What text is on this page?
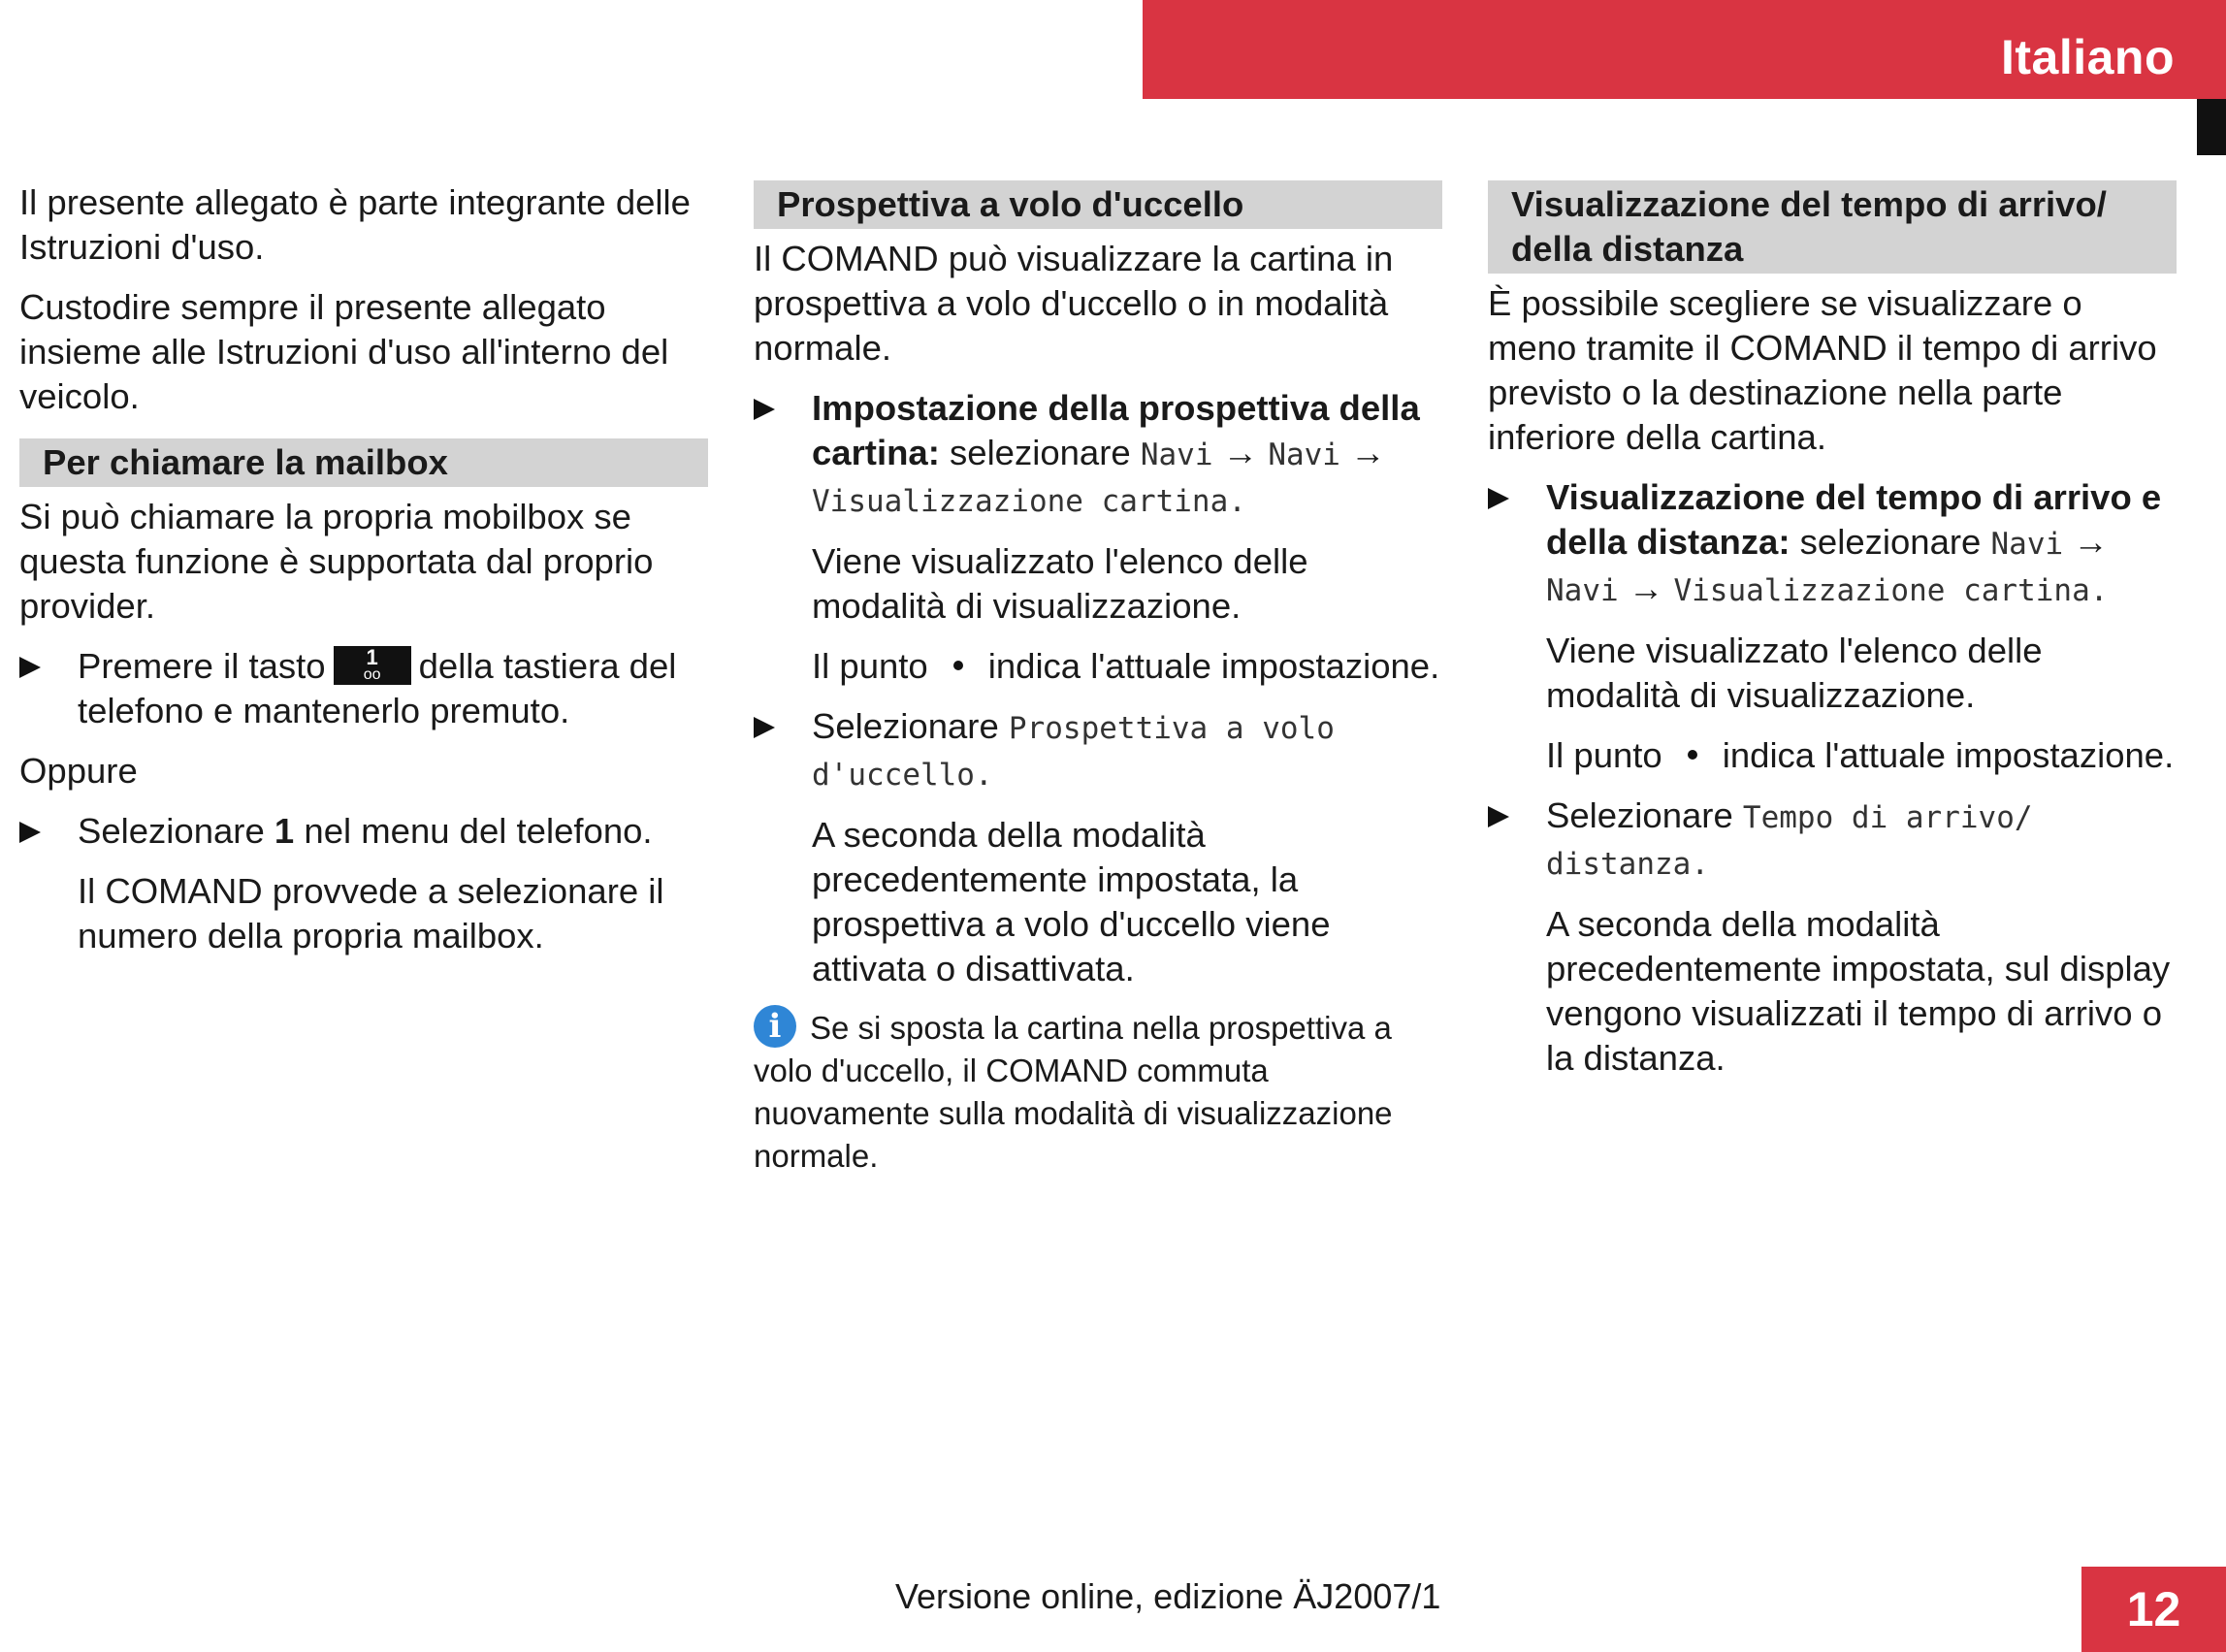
Italiano

Il presente allegato è parte integrante delle Istruzioni d'uso.

Custodire sempre il presente allegato insieme alle Istruzioni d'uso all'interno del veicolo.

Per chiamare la mailbox

Si può chiamare la propria mobilbox se questa funzione è supportata dal proprio provider.

Premere il tasto	1
oo	della tastiera del telefono e mantenerlo premuto.

Oppure

Selezionare 1 nel menu del telefono.

Il COMAND provvede a selezionare il numero della propria mailbox.

Prospettiva a volo d'uccello

Il COMAND può visualizzare la cartina in prospettiva a volo d'uccello o in modalità normale.

Impostazione della prospettiva della cartina: selezionare Navi → Navi → Visualizzazione cartina.

Viene visualizzato l'elenco delle modalità di visualizzazione.

Il punto indica l'attuale impostazione.

Selezionare Prospettiva a volo d'uccello.

A seconda della modalità precedentemente impostata, la prospettiva a volo d'uccello viene attivata o disattivata.

i Se si sposta la cartina nella prospettiva a volo d'uccello, il COMAND commuta nuovamente sulla modalità di visualizzazione normale.
Visualizzazione del tempo di arrivo/ della distanza

È possibile scegliere se visualizzare o meno tramite il COMAND il tempo di arrivo previsto o la destinazione nella parte inferiore della cartina.

Visualizzazione del tempo di arrivo e della distanza: selezionare Navi → Navi → Visualizzazione cartina.

Viene visualizzato l'elenco delle modalità di visualizzazione.

Il punto indica l'attuale impostazione.

Selezionare Tempo di arrivo/ distanza.

A seconda della modalità precedentemente impostata, sul display vengono visualizzati il tempo di arrivo o la distanza.

Versione online, edizione ÄJ2007/1	12
